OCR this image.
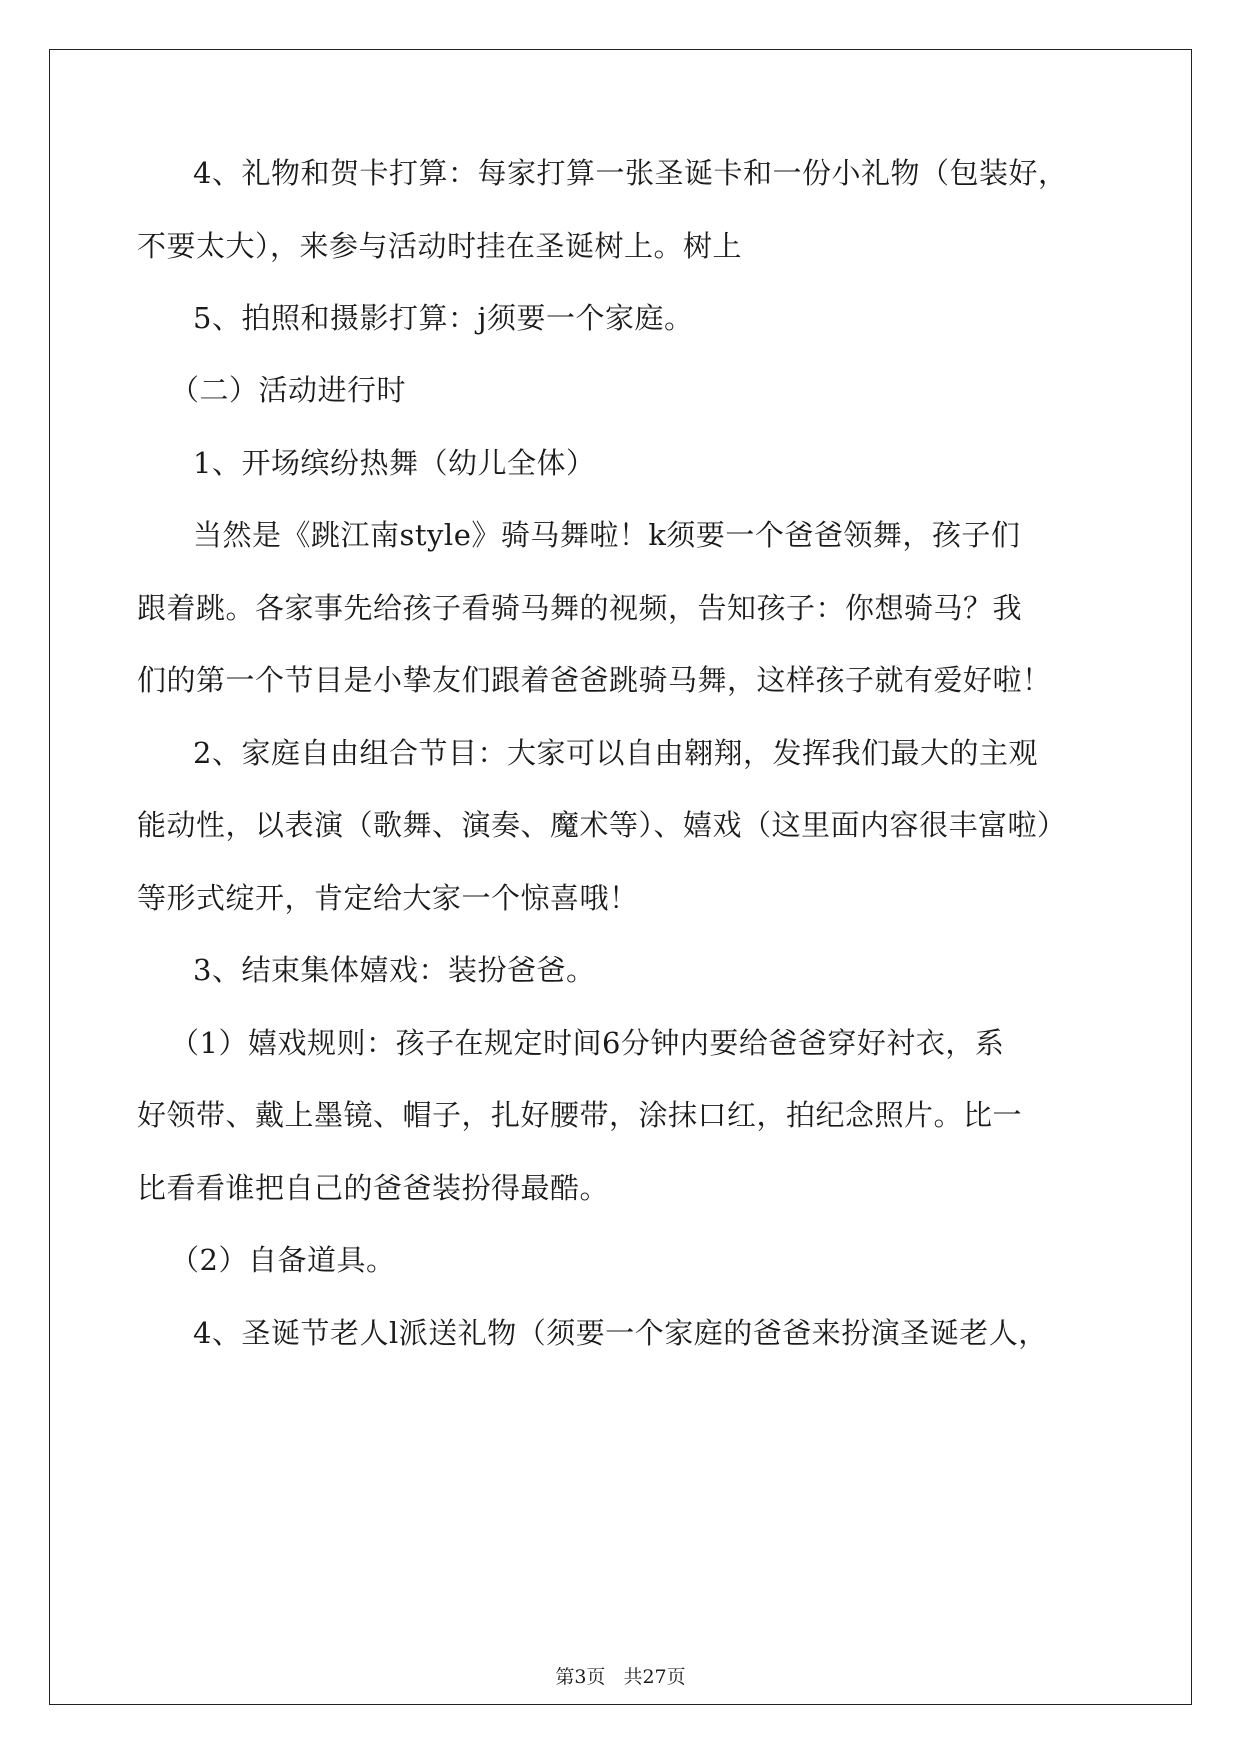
4、礼物和贺卡打算：每家打算一张圣诞卡和一份小礼物（包装好，
不要太大），来参与活动时挂在圣诞树上。树上
5、拍照和摄影打算：j须要一个家庭。
（二）活动进行时
1、开场缤纷热舞（幼儿全体）
当然是《跳江南style》骑马舞啦！k须要一个爸爸领舞，孩子们
跟着跳。各家事先给孩子看骑马舞的视频，告知孩子：你想骑马？我
们的第一个节目是小挚友们跟着爸爸跳骑马舞，这样孩子就有爱好啦！
2、家庭自由组合节目：大家可以自由翱翔，发挥我们最大的主观
能动性，以表演（歌舞、演奏、魔术等）、嬉戏（这里面内容很丰富啦）
等形式绽开，肯定给大家一个惊喜哦！
3、结束集体嬉戏：装扮爸爸。
（1）嬉戏规则：孩子在规定时间6分钟内要给爸爸穿好衬衣，系
好领带、戴上墨镜、帽子，扎好腰带，涂抹口红，拍纪念照片。比一
比看看谁把自己的爸爸装扮得最酷。
（2）自备道具。
4、圣诞节老人l派送礼物（须要一个家庭的爸爸来扮演圣诞老人，
第3页 共27页
